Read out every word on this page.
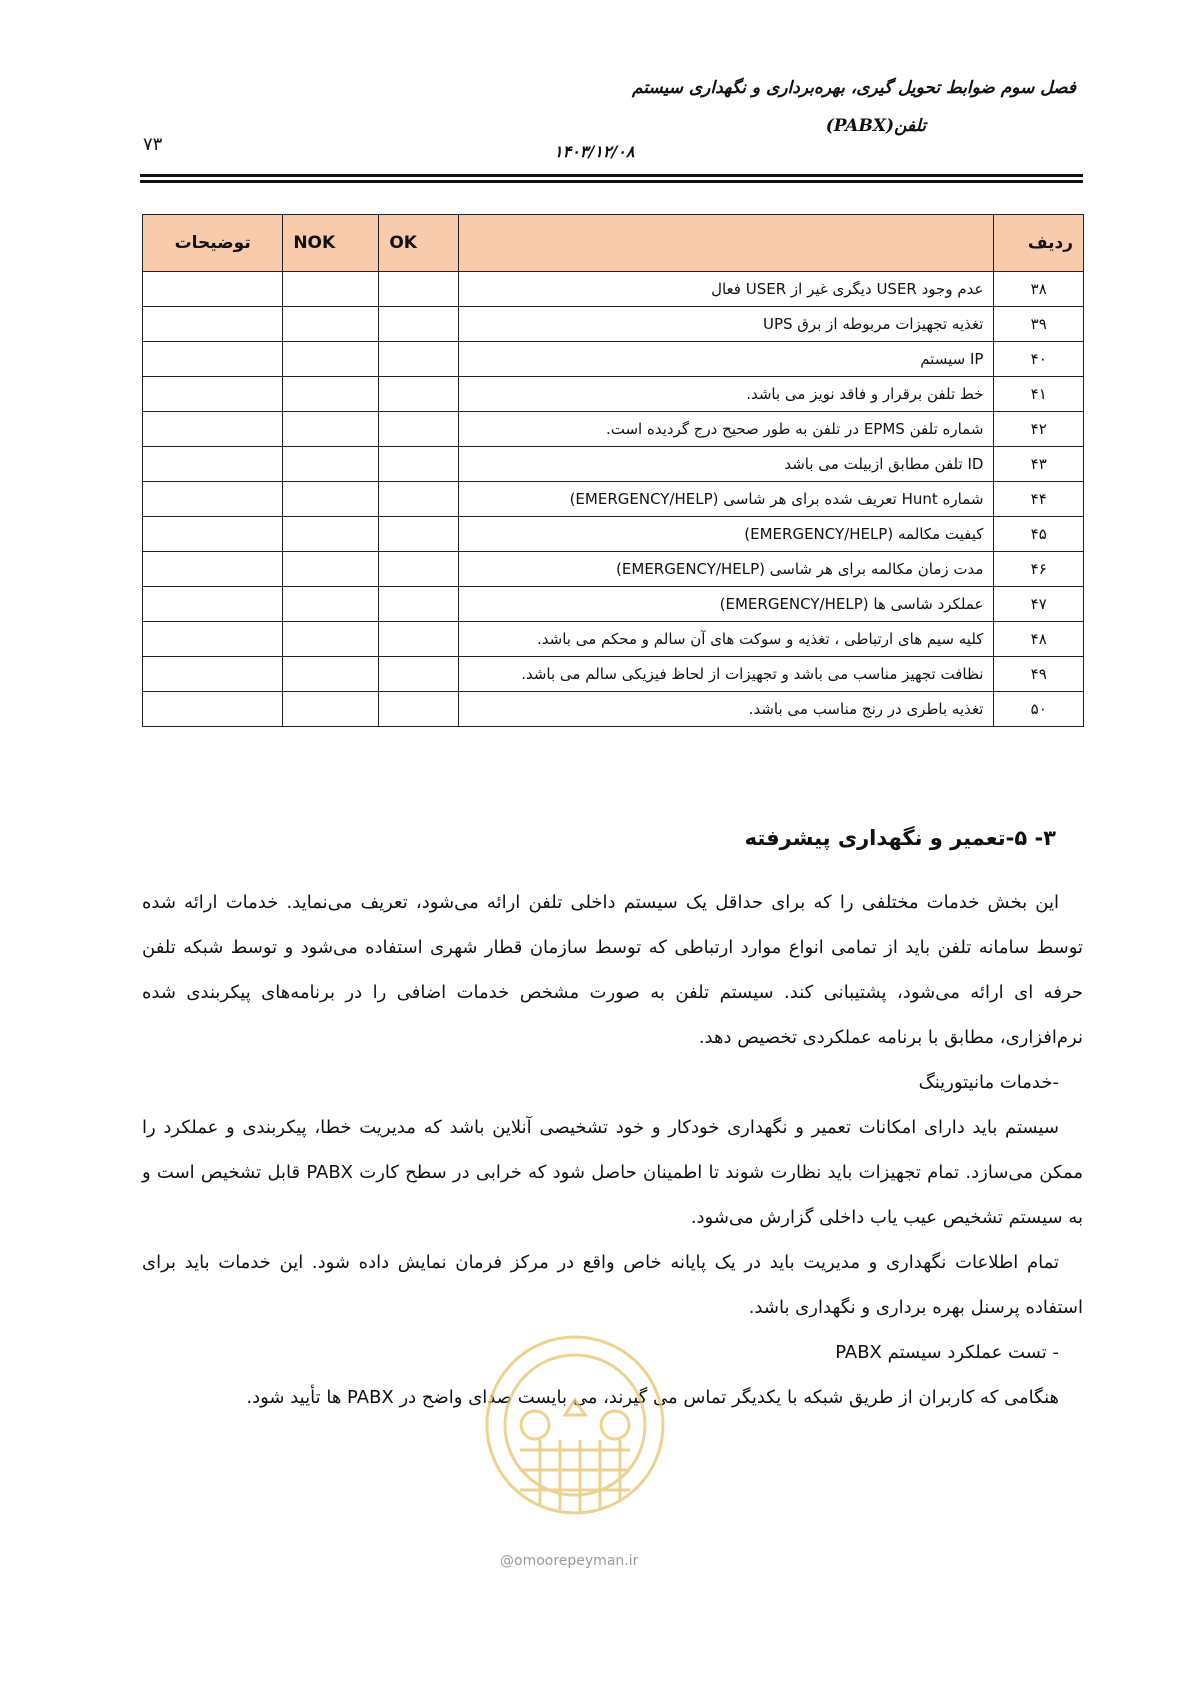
فصل سوم ضوابط تحویل گیری، بهره‌برداری و نگهداری سیستم
تلفن(PABX)
۱۴۰۳/۱۲/۰۸
۷۳
ردیف		OK	NOK	توضیحات
۳۸	عدم وجود USER دیگری غیر از USER فعال			
۳۹	تغذیه تجهیزات مربوطه از برق UPS			
۴۰	IP سیستم			
۴۱	خط تلفن برقرار و فاقد نویز می باشد.			
۴۲	شماره تلفن EPMS در تلفن به طور صحیح درج گردیده است.			
۴۳	ID تلفن مطابق ازبیلت می باشد			
۴۴	شماره Hunt تعریف شده برای هر شاسی (EMERGENCY/HELP)			
۴۵	کیفیت مکالمه (EMERGENCY/HELP)			
۴۶	مدت زمان مکالمه برای هر شاسی (EMERGENCY/HELP)			
۴۷	عملکرد شاسی ها (EMERGENCY/HELP)			
۴۸	کلیه سیم های ارتباطی ، تغذیه و سوکت های آن سالم و محکم می باشد.			
۴۹	نظافت تجهیز مناسب می باشد و تجهیزات از لحاظ فیزیکی سالم می باشد.			
۵۰	تغذیه باطری در رنج مناسب می باشد.			
۳- ۵-تعمیر و نگهداری پیشرفته

این بخش خدمات مختلفی را که برای حداقل یک سیستم داخلی تلفن ارائه می‌شود، تعریف می‌نماید. خدمات ارائه شده توسط سامانه تلفن باید از تمامی انواع موارد ارتباطی که توسط سازمان قطار شهری استفاده می‌شود و توسط شبکه تلفن حرفه ای ارائه می‌شود، پشتیبانی کند. سیستم تلفن به صورت مشخص خدمات اضافی را در برنامه‌های پیکربندی شده نرم‌افزاری، مطابق با برنامه عملکردی تخصیص دهد.

-خدمات مانیتورینگ

سیستم باید دارای امکانات تعمیر و نگهداری خودکار و خود تشخیصی آنلاین باشد که مدیریت خطا، پیکربندی و عملکرد را ممکن می‌سازد. تمام تجهیزات باید نظارت شوند تا اطمینان حاصل شود که خرابی در سطح کارت PABX قابل تشخیص است و به سیستم تشخیص عیب یاب داخلی گزارش می‌شود.

تمام اطلاعات نگهداری و مدیریت باید در یک پایانه خاص واقع در مرکز فرمان نمایش داده شود. این خدمات باید برای استفاده پرسنل بهره برداری و نگهداری باشد.

- تست عملکرد سیستم PABX

هنگامی که کاربران از طریق شبکه با یکدیگر تماس می گیرند، می بایست صدای واضح در PABX ها تأیید شود.

@omoorepeyman.ir
